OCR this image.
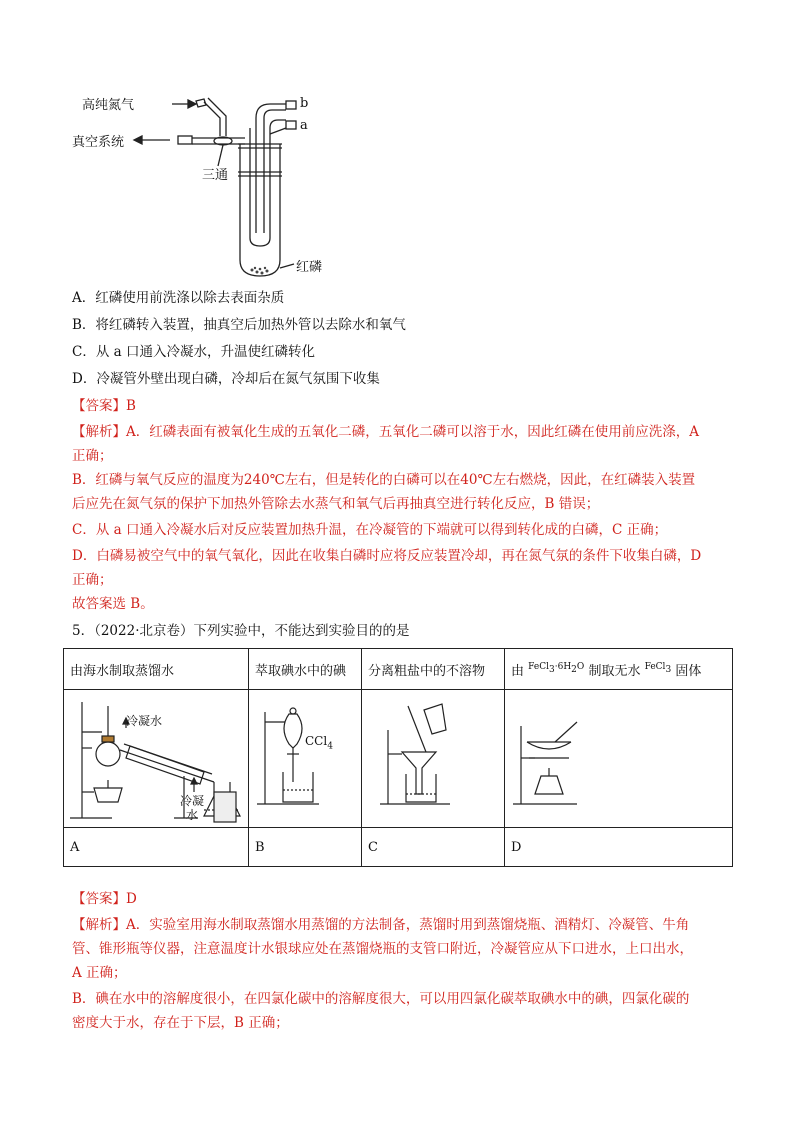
高纯氮气
真空系统
三通
b
a
红磷
A．红磷使用前洗涤以除去表面杂质
B．将红磷转入装置，抽真空后加热外管以去除水和氧气
C．从 a 口通入冷凝水，升温使红磷转化
D．冷凝管外壁出现白磷，冷却后在氮气氛围下收集
【答案】B
【解析】A．红磷表面有被氧化生成的五氧化二磷，五氧化二磷可以溶于水，因此红磷在使用前应洗涤，A
正确；
B．红磷与氧气反应的温度为240℃左右，但是转化的白磷可以在40℃左右燃烧，因此，在红磷装入装置
后应先在氮气氛的保护下加热外管除去水蒸气和氧气后再抽真空进行转化反应，B 错误；
C．从 a 口通入冷凝水后对反应装置加热升温，在冷凝管的下端就可以得到转化成的白磷，C 正确；
D．白磷易被空气中的氧气氧化，因此在收集白磷时应将反应装置冷却，再在氮气氛的条件下收集白磷，D
正确；
故答案选 B。
5．（2022·北京卷）下列实验中，不能达到实验目的的是
由海水制取蒸馏水	萃取碘水中的碘	分离粗盐中的不溶物	由 $^{FeCl_3\cdot 6H_2O}$ 制取无水 $^{FeCl_3}$ 固体

冷凝水
冷凝
水	CCl$_4$

A	B	C	D
【答案】D
【解析】A．实验室用海水制取蒸馏水用蒸馏的方法制备，蒸馏时用到蒸馏烧瓶、酒精灯、冷凝管、牛角
管、锥形瓶等仪器，注意温度计水银球应处在蒸馏烧瓶的支管口附近，冷凝管应从下口进水，上口出水，
A 正确；
B．碘在水中的溶解度很小，在四氯化碳中的溶解度很大，可以用四氯化碳萃取碘水中的碘，四氯化碳的
密度大于水，存在于下层，B 正确；
